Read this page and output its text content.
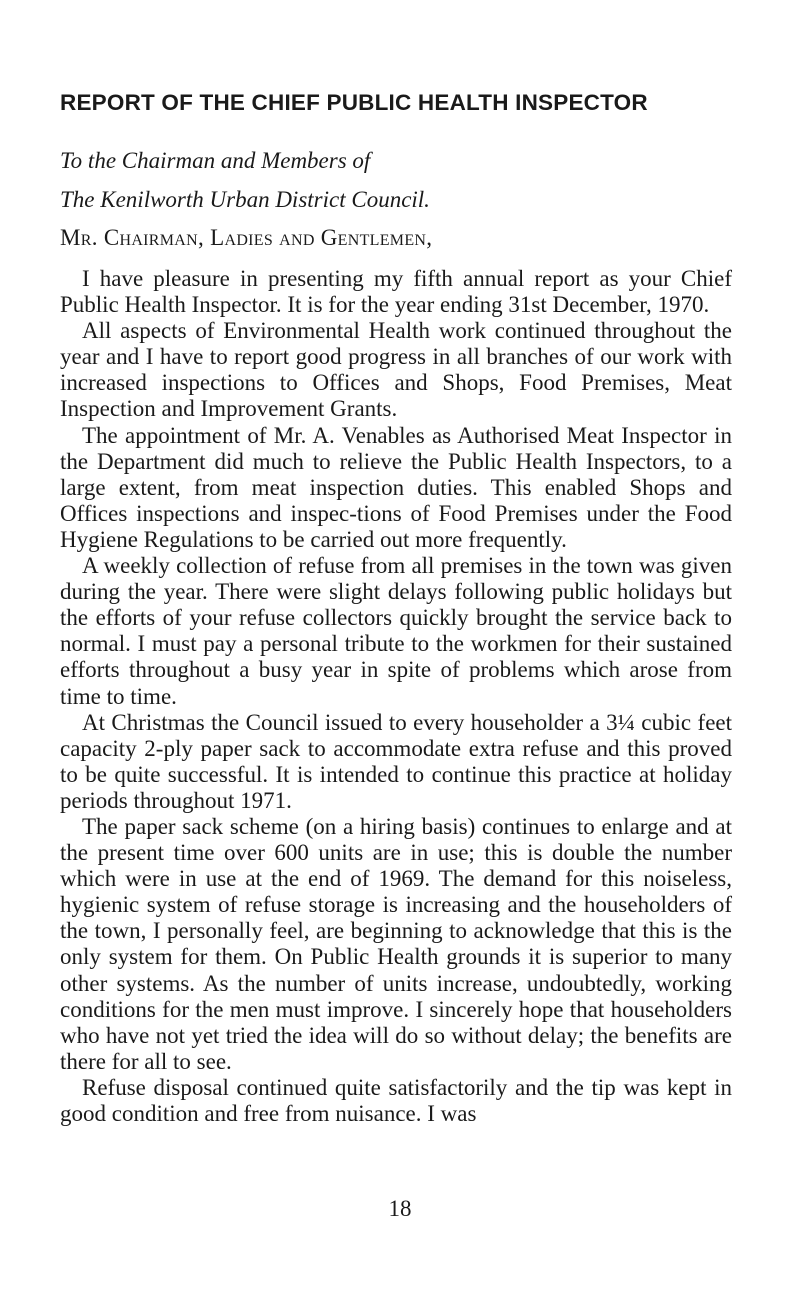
REPORT OF THE CHIEF PUBLIC HEALTH INSPECTOR
To the Chairman and Members of
The Kenilworth Urban District Council.
Mr. Chairman, Ladies and Gentlemen,

I have pleasure in presenting my fifth annual report as your Chief Public Health Inspector. It is for the year ending 31st December, 1970.

All aspects of Environmental Health work continued throughout the year and I have to report good progress in all branches of our work with increased inspections to Offices and Shops, Food Premises, Meat Inspection and Improvement Grants.

The appointment of Mr. A. Venables as Authorised Meat Inspector in the Department did much to relieve the Public Health Inspectors, to a large extent, from meat inspection duties. This enabled Shops and Offices inspections and inspec-tions of Food Premises under the Food Hygiene Regulations to be carried out more frequently.

A weekly collection of refuse from all premises in the town was given during the year. There were slight delays following public holidays but the efforts of your refuse collectors quickly brought the service back to normal. I must pay a personal tribute to the workmen for their sustained efforts throughout a busy year in spite of problems which arose from time to time.

At Christmas the Council issued to every householder a 3¼ cubic feet capacity 2-ply paper sack to accommodate extra refuse and this proved to be quite successful. It is intended to continue this practice at holiday periods throughout 1971.

The paper sack scheme (on a hiring basis) continues to enlarge and at the present time over 600 units are in use; this is double the number which were in use at the end of 1969. The demand for this noiseless, hygienic system of refuse storage is increasing and the householders of the town, I personally feel, are beginning to acknowledge that this is the only system for them. On Public Health grounds it is superior to many other systems. As the number of units increase, undoubtedly, working conditions for the men must improve. I sincerely hope that householders who have not yet tried the idea will do so without delay; the benefits are there for all to see.

Refuse disposal continued quite satisfactorily and the tip was kept in good condition and free from nuisance. I was

18
